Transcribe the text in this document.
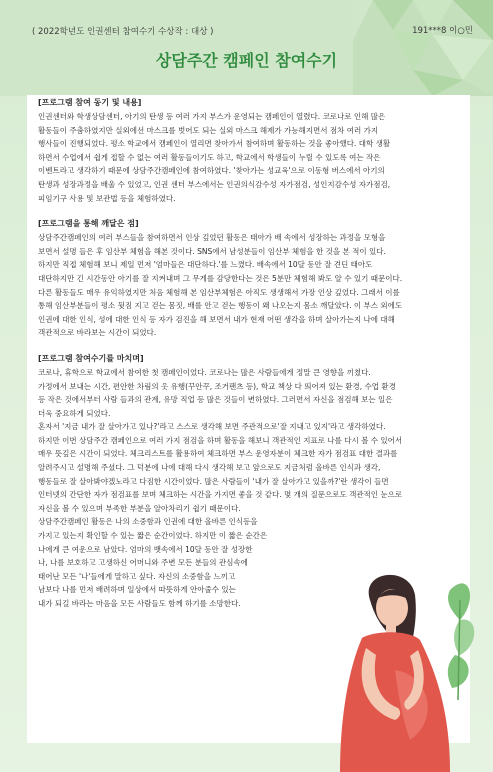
( 2022학년도 인권센터 참여수기 수상작 : 대상 )	191***8 이○민
상담주간 캠페인 참여수기
[프로그램 참여 동기 및 내용]
인권센터와 학생상담센터, 아기의 탄생 등 여러 가지 부스가 운영되는 캠페인이 열렸다. 코로나로 인해 많은
활동들이 주춤하였지만 실외에선 마스크를 벗어도 되는 실외 마스크 해제가 가능해지면서 점차 여러 가지
행사들이 진행되었다. 평소 학교에서 캠페인이 열리면 찾아가서 참여하며 활동하는 것을 좋아했다. 대학 생활
하면서 수업에서 쉽게 접할 수 없는 여러 활동들이기도 하고, 학교에서 학생들이 누릴 수 있도록 여는 작은
이벤트라고 생각하기 때문에 상담주간캠페인에 참여하였다. '찾아가는 성교육'으로 이동형 버스에서 아기의
탄생과 성장과정을 배울 수 있었고, 인권 센터 부스에서는 인권의식감수성 자가점검, 성인지감수성 자가점검,
피임기구 사용 및 보관법 등을 체험하였다.
[프로그램을 통해 깨달은 점]
상담주간캠페인의 여러 부스들을 참여하면서 인상 깊었던 활동은 태아가 배 속에서 성장하는 과정을 모형을
보면서 설명 들은 후 임산부 체험을 해본 것이다. SNS에서 남성분들이 임산부 체험을 한 것을 본 적이 있다.
하지만 직접 체험해 보니 제일 먼저 '엄마들은 대단하다.'를 느꼈다. 배속에서 10달 동안 잘 견딘 태아도
대단하지만 긴 시간동안 아기를 잘 지켜내며 그 무게를 감당한다는 것은 5분만 체험해 봐도 알 수 있기 때문이다.
다른 활동들도 매우 유익하였지만 처음 체험해 본 임산부체험은 아직도 생생해서 가장 인상 깊었다. 그래서 이를
통해 임산부분들이 평소 뒷짐 지고 걷는 몸짓, 배를 안고 걷는 행동이 왜 나오는지 몸소 깨달았다. 이 부스 외에도
인권에 대한 인식, 성에 대한 인식 등 자가 검진을 해 보면서 내가 현재 어떤 생각을 하며 살아가는지 나에 대해
객관적으로 바라보는 시간이 되었다.
[프로그램 참여수기를 마치며]
코로나, 휴학으로 학교에서 참여한 첫 캠페인이었다. 코로나는 많은 사람들에게 정말 큰 영향을 끼쳤다.
가정에서 보내는 시간, 편안한 차림의 옷 유행(꾸안꾸, 조거팬츠 등), 학교 책상 다 띄어져 있는 환경, 수업 환경
등 작은 것에서부터 사람 들과의 관계, 유망 직업 등 많은 것들이 변하였다. 그러면서 자신을 점검해 보는 일은
더욱 중요하게 되었다.
혼자서 '지금 내가 잘 살아가고 있나?'라고 스스로 생각해 보면 주관적으로'잘 지내고 있지'라고 생각하였다.
하지만 이번 상담주간 캠페인으로 여러 가지 점검을 하며 활동을 해보니 객관적인 지표로 나를 다시 볼 수 있어서
매우 뜻깊은 시간이 되었다. 체크리스트를 활용하여 체크하면 부스 운영자분이 체크한 자가 점검표 대한 결과를
알려주시고 설명해 주셨다. 그 덕분에 나에 대해 다시 생각해 보고 앞으로도 지금처럼 올바른 인식과 생각,
행동들로 잘 살아봐야겠노라고 다짐한 시간이었다. 많은 사람들이 '내가 잘 살아가고 있을까?'란 생각이 들면
인터넷의 간단한 자가 점검표를 보며 체크하는 시간을 가지면 좋을 것 같다. 몇 개의 질문으로도 객관적인 눈으로
자신을 볼 수 있으며 부족한 부분을 알아차리기 쉽기 때문이다.
상담주간캠페인 활동은 나의 소중함과 인권에 대한 올바른 인식등을
가지고 있는지 확인할 수 있는 짧은 순간이었다. 하지만 이 짧은 순간은
나에게 큰 여운으로 남았다. 엄마의 뱃속에서 10달 동안 잘 성장한
나, 나를 보호하고 고생하신 어머니와 주변 모든 분들의 관심속에
태어난 모든 '나'들에게 말하고 싶다. 자신의 소중함을 느끼고
남보다 나를 먼저 배려하며 일상에서 따뜻하게 안아줄수 있는
내가 되길 바라는 마음을 모든 사람들도 함께 하기를 소망한다.
